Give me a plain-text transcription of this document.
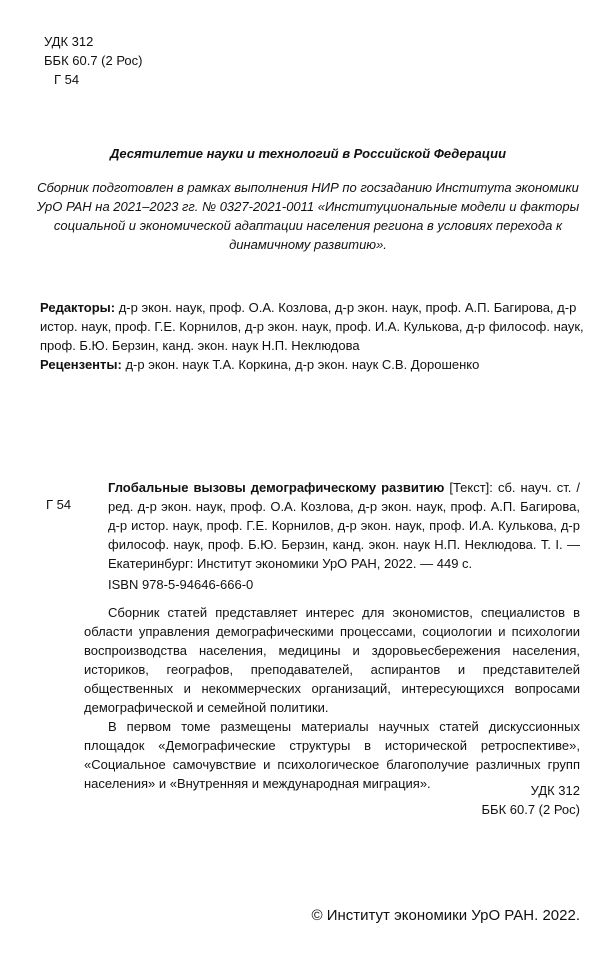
УДК 312
ББК 60.7 (2 Рос)
Г 54
Десятилетие науки и технологий в Российской Федерации
Сборник подготовлен в рамках выполнения НИР по госзаданию Института экономики УрО РАН на 2021–2023 гг. № 0327-2021-0011 «Институциональные модели и факторы социальной и экономической адаптации населения региона в условиях перехода к динамичному развитию».
Редакторы: д-р экон. наук, проф. О.А. Козлова, д-р экон. наук, проф. А.П. Багирова, д-р истор. наук, проф. Г.Е. Корнилов, д-р экон. наук, проф. И.А. Кулькова, д-р философ. наук, проф. Б.Ю. Берзин, канд. экон. наук Н.П. Неклюдова
Рецензенты: д-р экон. наук Т.А. Коркина, д-р экон. наук С.В. Дорошенко
Г 54
Глобальные вызовы демографическому развитию [Текст]: сб. науч. ст. / ред. д-р экон. наук, проф. О.А. Козлова, д-р экон. наук, проф. А.П. Багирова, д-р истор. наук, проф. Г.Е. Корнилов, д-р экон. наук, проф. И.А. Кулькова, д-р философ. наук, проф. Б.Ю. Берзин, канд. экон. наук Н.П. Неклюдова. Т. I. — Екатеринбург: Институт экономики УрО РАН, 2022. — 449 с.
ISBN 978-5-94646-666-0

Сборник статей представляет интерес для экономистов, специалистов в области управления демографическими процессами, социологии и психологии воспроизводства населения, медицины и здоровьесбережения населения, историков, географов, преподавателей, аспирантов и представителей общественных и некоммерческих организаций, интересующихся вопросами демографической и семейной политики.

В первом томе размещены материалы научных статей дискуссионных площадок «Демографические структуры в исторической ретроспективе», «Социальное самочувствие и психологическое благополучие различных групп населения» и «Внутренняя и международная миграция».	УДК 312
ББК 60.7 (2 Рос)
© Институт экономики УрО РАН. 2022.
